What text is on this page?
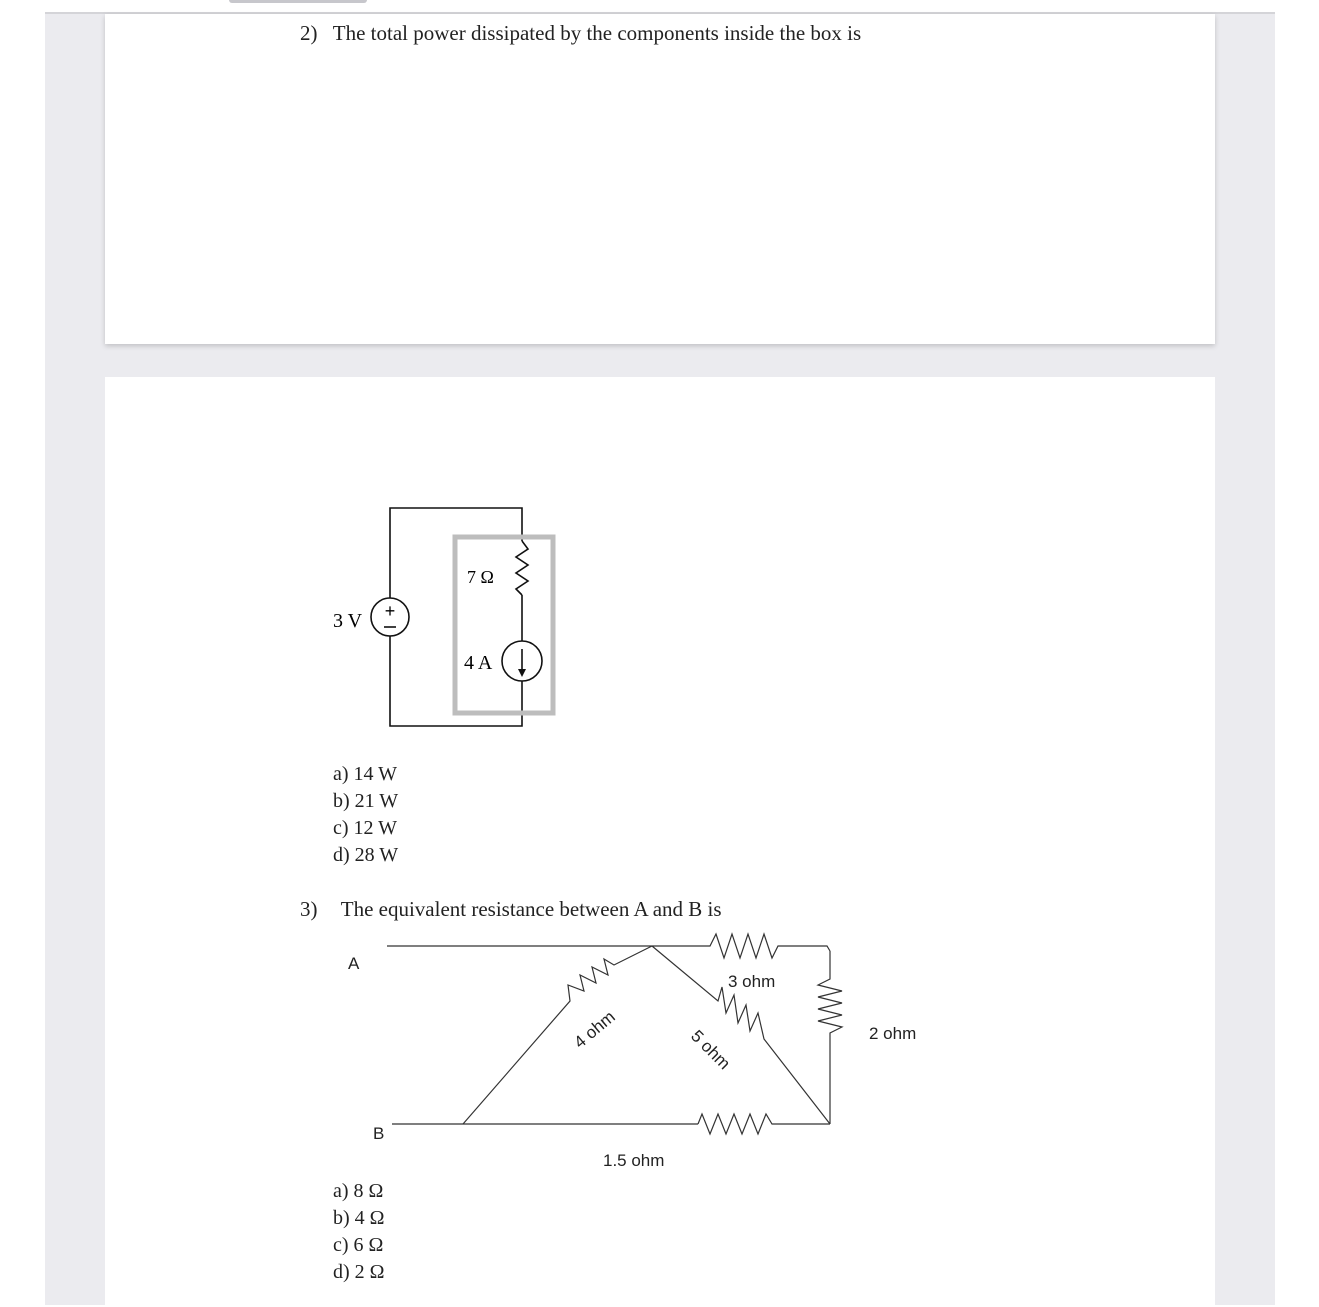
2) The total power dissipated by the components inside the box is
+
3 V
7 Ω
4 A
a) 14 W
b) 21 W
c) 12 W
d) 28 W
3) The equivalent resistance between A and B is
A
B
3 ohm
2 ohm
1.5 ohm
4 ohm	5 ohm
a) 8 Ω
b) 4 Ω
c) 6 Ω
d) 2 Ω
